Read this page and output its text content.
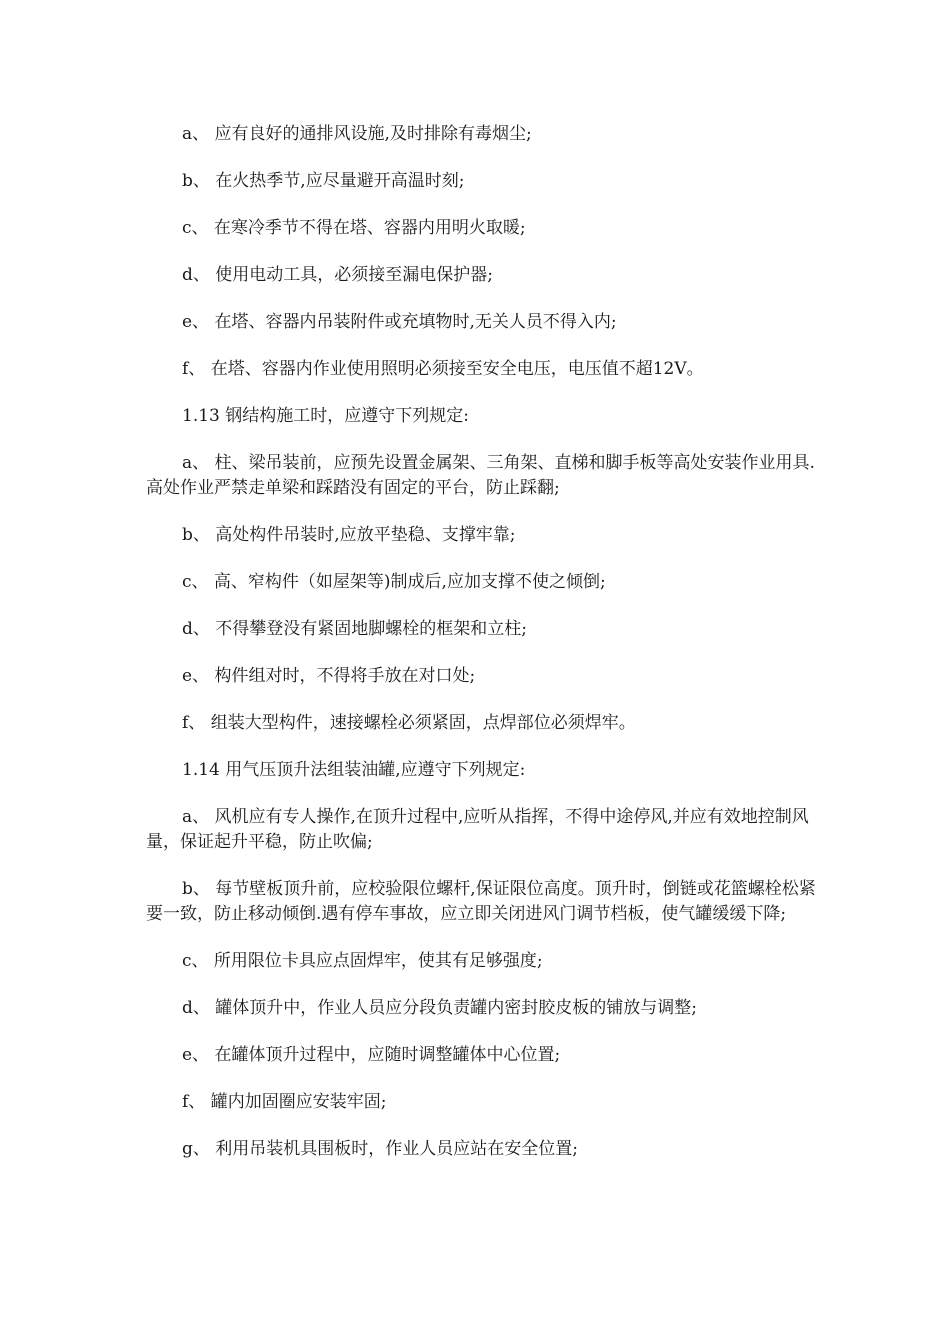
a、 应有良好的通排风设施,及时排除有毒烟尘;

b、 在火热季节,应尽量避开高温时刻;

c、 在寒冷季节不得在塔、容器内用明火取暖;

d、 使用电动工具，必须接至漏电保护器;

e、 在塔、容器内吊装附件或充填物时,无关人员不得入内;

f、 在塔、容器内作业使用照明必须接至安全电压，电压值不超12V。

1.13 钢结构施工时，应遵守下列规定:

a、 柱、梁吊装前，应预先设置金属架、三角架、直梯和脚手板等高处安装作业用具.高处作业严禁走单梁和踩踏没有固定的平台，防止踩翻;

b、 高处构件吊装时,应放平垫稳、支撑牢靠;

c、 高、窄构件（如屋架等)制成后,应加支撑不使之倾倒;

d、 不得攀登没有紧固地脚螺栓的框架和立柱;

e、 构件组对时，不得将手放在对口处;

f、 组装大型构件，速接螺栓必须紧固，点焊部位必须焊牢。

1.14 用气压顶升法组装油罐,应遵守下列规定:

a、 风机应有专人操作,在顶升过程中,应听从指挥，不得中途停风,并应有效地控制风量，保证起升平稳，防止吹偏;

b、 每节壁板顶升前，应校验限位螺杆,保证限位高度。顶升时，倒链或花篮螺栓松紧要一致，防止移动倾倒.遇有停车事故，应立即关闭进风门调节档板，使气罐缓缓下降;

c、 所用限位卡具应点固焊牢，使其有足够强度;

d、 罐体顶升中，作业人员应分段负责罐内密封胶皮板的铺放与调整;

e、 在罐体顶升过程中，应随时调整罐体中心位置;

f、 罐内加固圈应安装牢固;

g、 利用吊装机具围板时，作业人员应站在安全位置;
